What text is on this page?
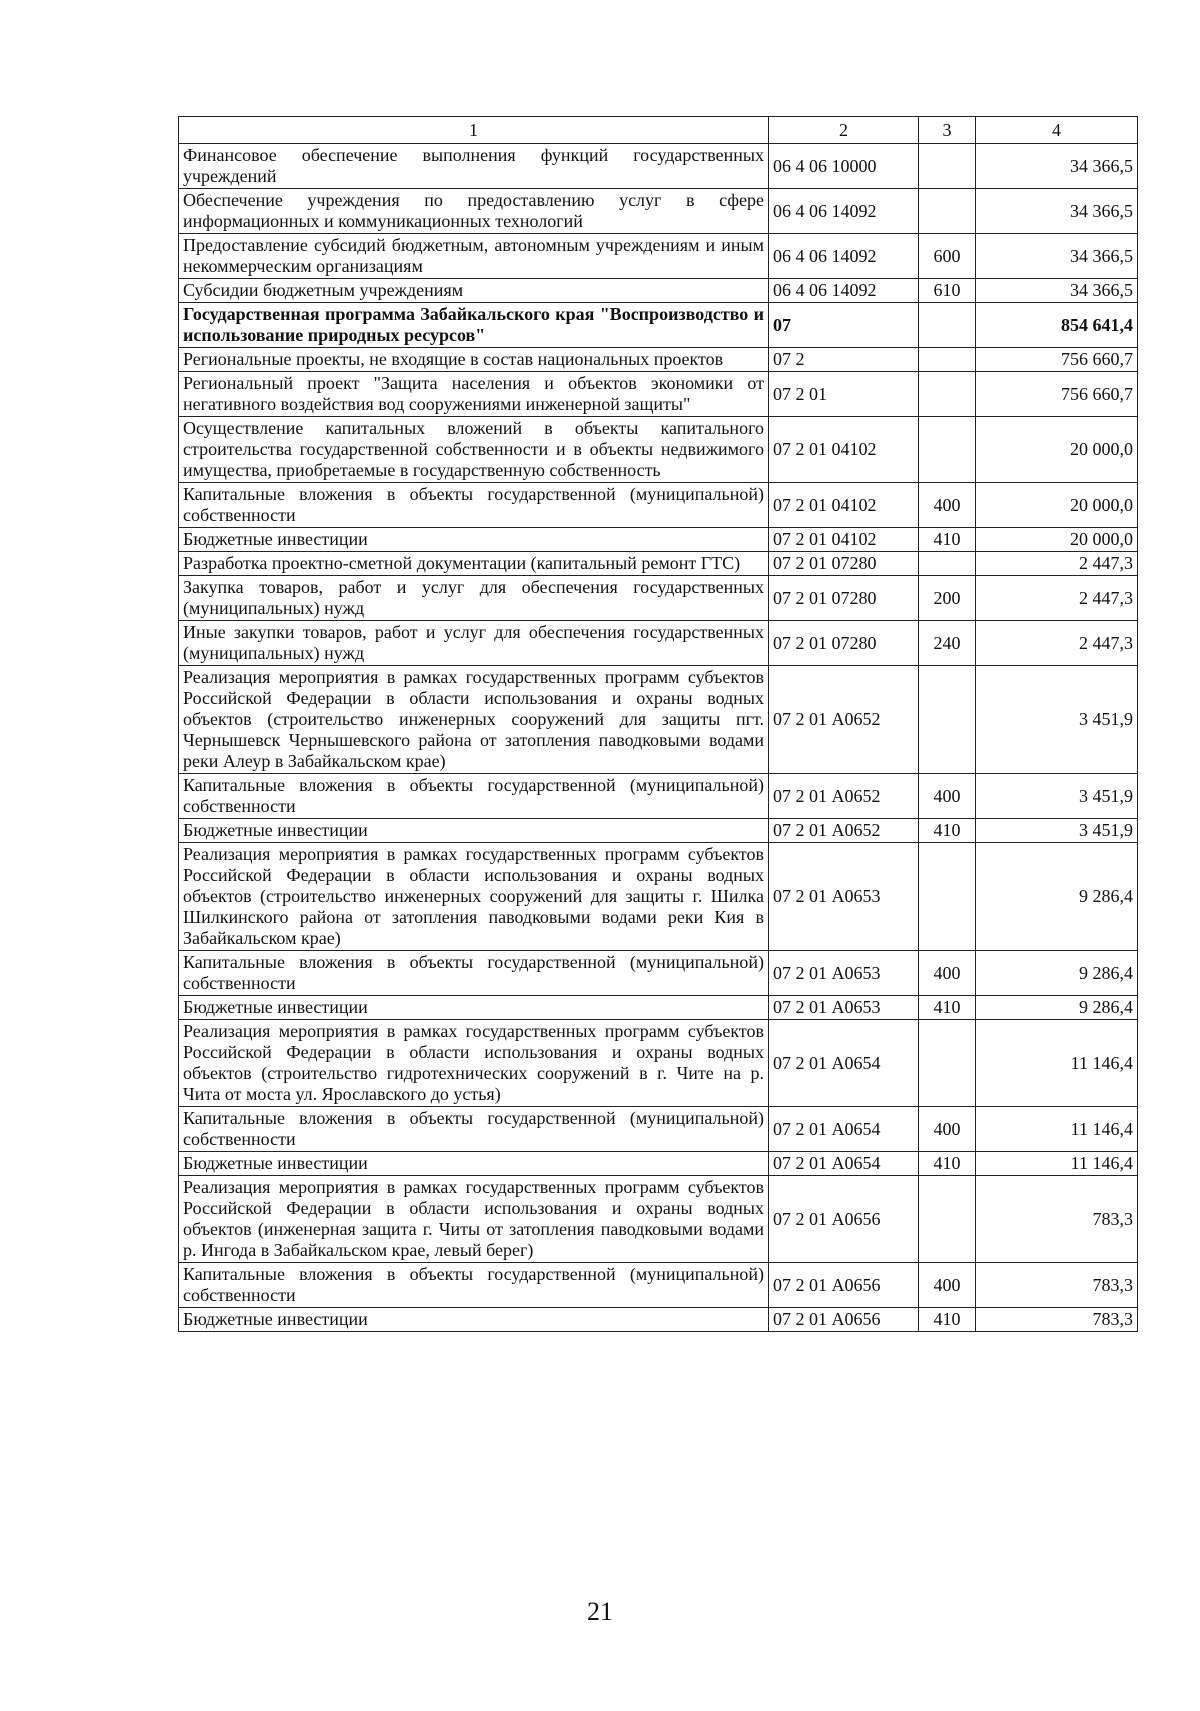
1	2	3	4
Финансовое обеспечение выполнения функций государственных учреждений	06 4 06 10000		34 366,5
Обеспечение учреждения по предоставлению услуг в сфере информационных и коммуникационных технологий	06 4 06 14092		34 366,5
Предоставление субсидий бюджетным, автономным учреждениям и иным некоммерческим организациям	06 4 06 14092	600	34 366,5
Субсидии бюджетным учреждениям	06 4 06 14092	610	34 366,5
Государственная программа Забайкальского края "Воспроизводство и использование природных ресурсов"	07		854 641,4
Региональные проекты, не входящие в состав национальных проектов	07 2		756 660,7
Региональный проект "Защита населения и объектов экономики от негативного воздействия вод сооружениями инженерной защиты"	07 2 01		756 660,7
Осуществление капитальных вложений в объекты капитального строительства государственной собственности и в объекты недвижимого имущества, приобретаемые в государственную собственность	07 2 01 04102		20 000,0
Капитальные вложения в объекты государственной (муниципальной) собственности	07 2 01 04102	400	20 000,0
Бюджетные инвестиции	07 2 01 04102	410	20 000,0
Разработка проектно-сметной документации (капитальный ремонт ГТС)	07 2 01 07280		2 447,3
Закупка товаров, работ и услуг для обеспечения государственных (муниципальных) нужд	07 2 01 07280	200	2 447,3
Иные закупки товаров, работ и услуг для обеспечения государственных (муниципальных) нужд	07 2 01 07280	240	2 447,3
Реализация мероприятия в рамках государственных программ субъектов Российской Федерации в области использования и охраны водных объектов (строительство инженерных сооружений для защиты пгт. Чернышевск Чернышевского района от затопления паводковыми водами реки Алеур в Забайкальском крае)	07 2 01 А0652		3 451,9
Капитальные вложения в объекты государственной (муниципальной) собственности	07 2 01 А0652	400	3 451,9
Бюджетные инвестиции	07 2 01 А0652	410	3 451,9
Реализация мероприятия в рамках государственных программ субъектов Российской Федерации в области использования и охраны водных объектов (строительство инженерных сооружений для защиты г. Шилка Шилкинского района от затопления паводковыми водами реки Кия в Забайкальском крае)	07 2 01 А0653		9 286,4
Капитальные вложения в объекты государственной (муниципальной) собственности	07 2 01 А0653	400	9 286,4
Бюджетные инвестиции	07 2 01 А0653	410	9 286,4
Реализация мероприятия в рамках государственных программ субъектов Российской Федерации в области использования и охраны водных объектов (строительство гидротехнических сооружений в г. Чите на р. Чита от моста ул. Ярославского до устья)	07 2 01 А0654		11 146,4
Капитальные вложения в объекты государственной (муниципальной) собственности	07 2 01 А0654	400	11 146,4
Бюджетные инвестиции	07 2 01 А0654	410	11 146,4
Реализация мероприятия в рамках государственных программ субъектов Российской Федерации в области использования и охраны водных объектов (инженерная защита г. Читы от затопления паводковыми водами р. Ингода в Забайкальском крае, левый берег)	07 2 01 А0656		783,3
Капитальные вложения в объекты государственной (муниципальной) собственности	07 2 01 А0656	400	783,3
Бюджетные инвестиции	07 2 01 А0656	410	783,3
21
